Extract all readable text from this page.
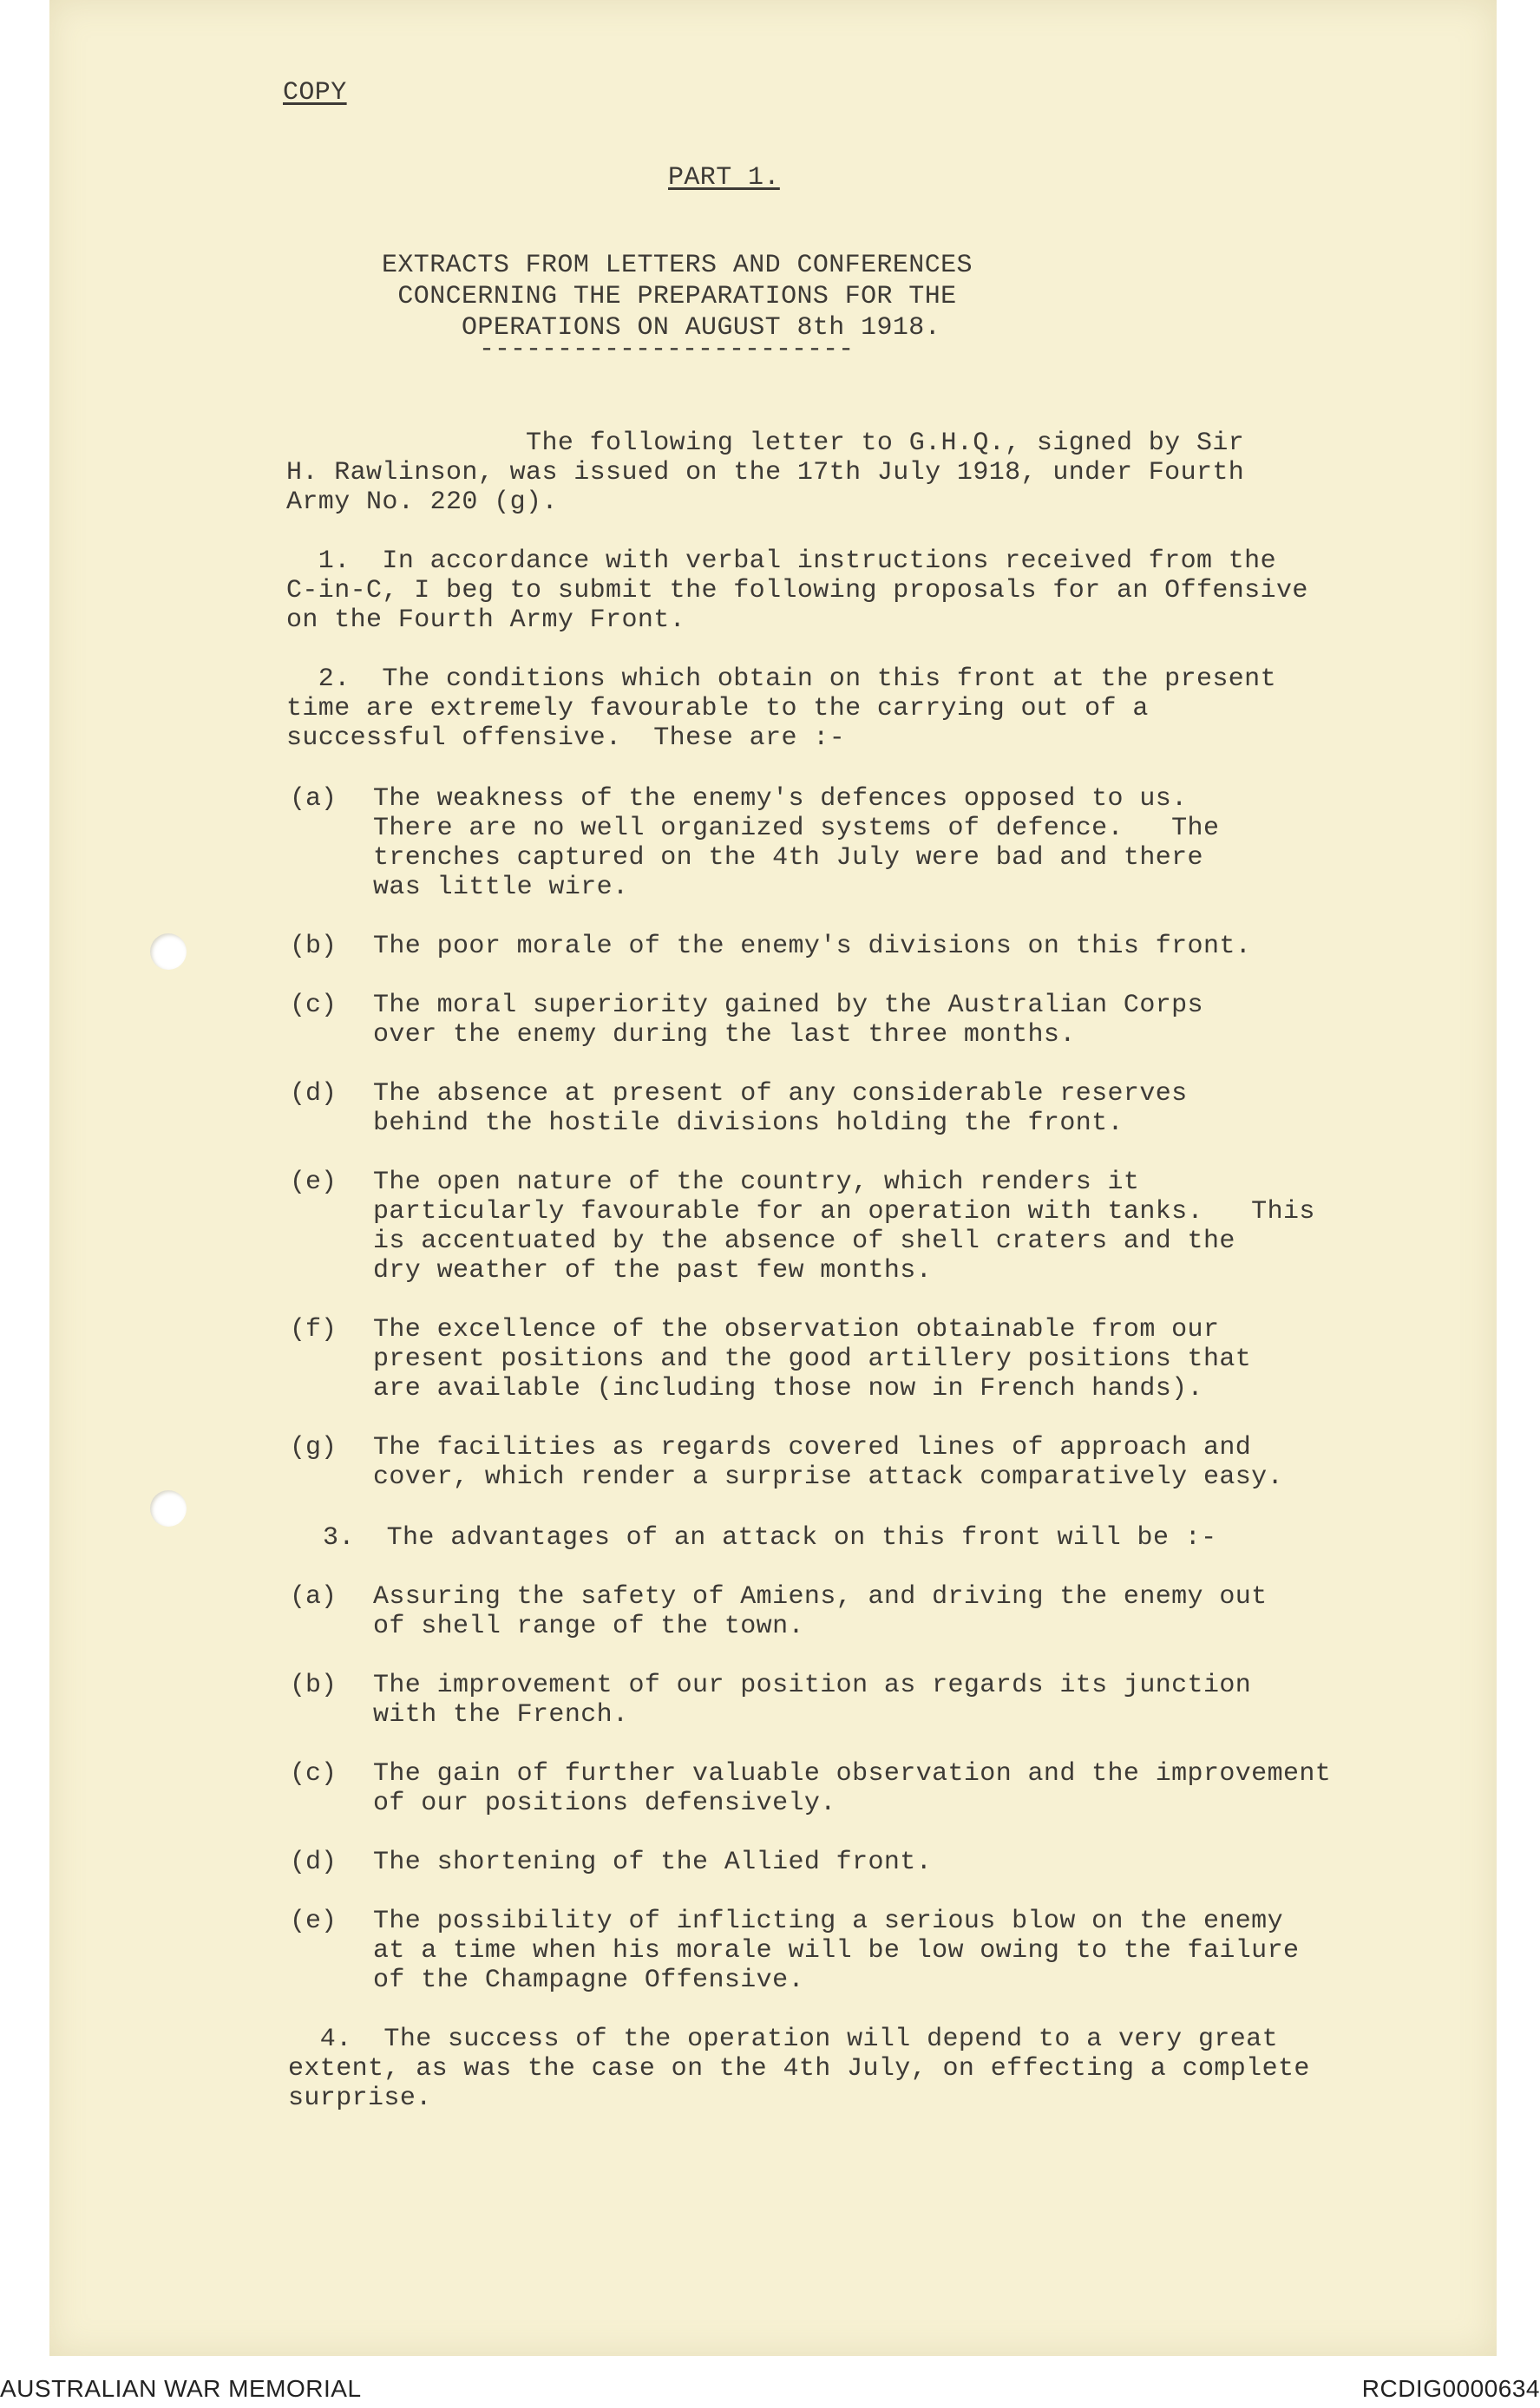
COPY
PART 1.
EXTRACTS FROM LETTERS AND CONFERENCES
CONCERNING THE PREPARATIONS FOR THE
OPERATIONS ON AUGUST 8th 1918.
------------------------
The following letter to G.H.Q., signed by Sir
H. Rawlinson, was issued on the 17th July 1918, under Fourth
Army No. 220 (g).
1.  In accordance with verbal instructions received from the
C-in-C, I beg to submit the following proposals for an Offensive
on the Fourth Army Front.
2.  The conditions which obtain on this front at the present
time are extremely favourable to the carrying out of a
successful offensive.  These are :-
(a) The weakness of the enemy's defences opposed to us.
There are no well organized systems of defence.   The
trenches captured on the 4th July were bad and there
was little wire.
(b) The poor morale of the enemy's divisions on this front.
(c) The moral superiority gained by the Australian Corps
over the enemy during the last three months.
(d) The absence at present of any considerable reserves
behind the hostile divisions holding the front.
(e) The open nature of the country, which renders it
particularly favourable for an operation with tanks.   This
is accentuated by the absence of shell craters and the
dry weather of the past few months.
(f) The excellence of the observation obtainable from our
present positions and the good artillery positions that
are available (including those now in French hands).
(g) The facilities as regards covered lines of approach and
cover, which render a surprise attack comparatively easy.
3.  The advantages of an attack on this front will be :-
(a) Assuring the safety of Amiens, and driving the enemy out
of shell range of the town.
(b) The improvement of our position as regards its junction
with the French.
(c) The gain of further valuable observation and the improvement
of our positions defensively.
(d) The shortening of the Allied front.
(e) The possibility of inflicting a serious blow on the enemy
at a time when his morale will be low owing to the failure
of the Champagne Offensive.
4.  The success of the operation will depend to a very great
extent, as was the case on the 4th July, on effecting a complete
surprise.
AUSTRALIAN WAR MEMORIAL	RCDIG0000634
